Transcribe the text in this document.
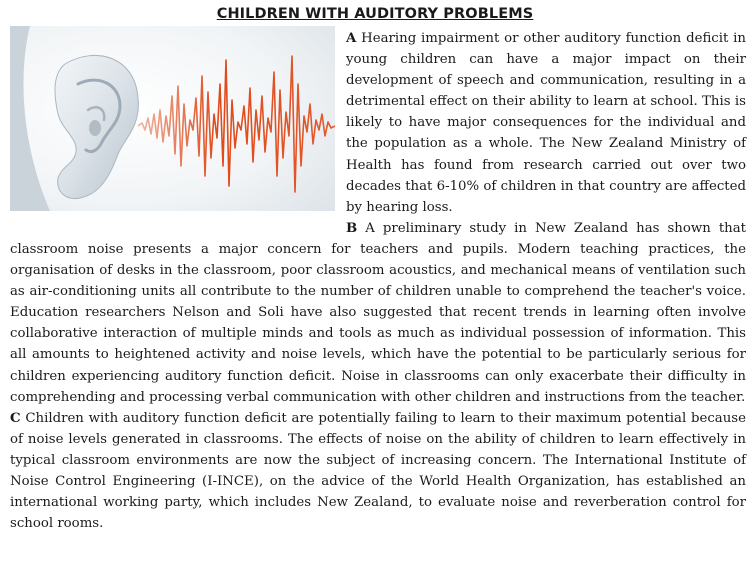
CHILDREN WITH AUDITORY PROBLEMS

A Hearing impairment or other auditory function deficit in young children can have a major impact on their development of speech and communication, resulting in a detrimental effect on their ability to learn at school. This is likely to have major consequences for the individual and the population as a whole. The New Zealand Ministry of Health has found from research carried out over two decades that 6-10% of children in that country are affected by hearing loss.

B A preliminary study in New Zealand has shown that classroom noise presents a major concern for teachers and pupils. Modern teaching practices, the organisation of desks in the classroom, poor classroom acoustics, and mechanical means of ventilation such as air-conditioning units all contribute to the number of children unable to comprehend the teacher's voice. Education researchers Nelson and Soli have also suggested that recent trends in learning often involve collaborative interaction of multiple minds and tools as much as individual possession of information. This all amounts to heightened activity and noise levels, which have the potential to be particularly serious for children experiencing auditory function deficit. Noise in classrooms can only exacerbate their difficulty in comprehending and processing verbal communication with other children and instructions from the teacher.

C Children with auditory function deficit are potentially failing to learn to their maximum potential because of noise levels generated in classrooms. The effects of noise on the ability of children to learn effectively in typical classroom environments are now the subject of increasing concern. The International Institute of Noise Control Engineering (I-INCE), on the advice of the World Health Organization, has established an international working party, which includes New Zealand, to evaluate noise and reverberation control for school rooms.
